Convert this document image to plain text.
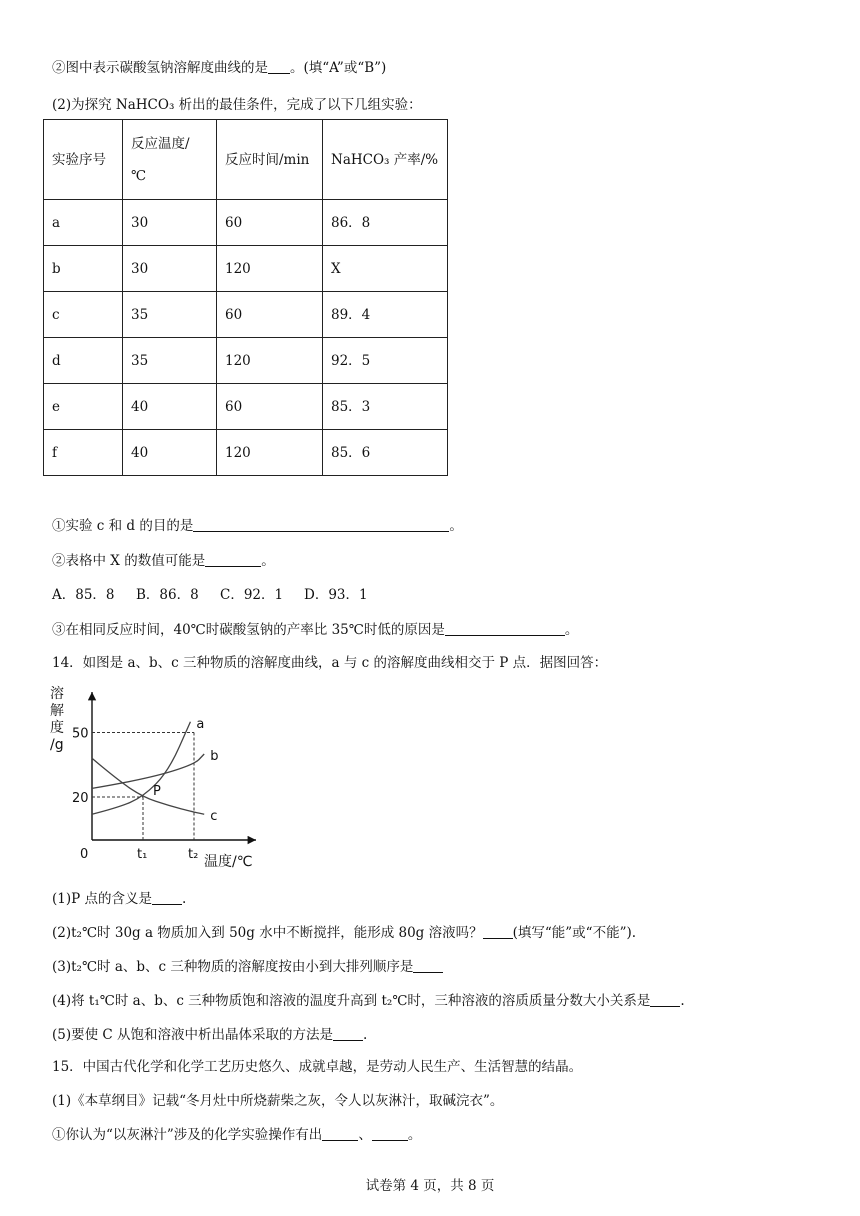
②图中表示碳酸氢钠溶解度曲线的是 。(填“A”或“B”)
(2)为探究 NaHCO₃ 析出的最佳条件，完成了以下几组实验：
实验序号	反应温度/℃	反应时间/min	NaHCO₃ 产率/%
a	30	60	86．8
b	30	120	X
c	35	60	89．4
d	35	120	92．5
e	40	60	85．3
f	40	120	85．6
①实验 c 和 d 的目的是	。
②表格中 X 的数值可能是	。
A．85．8 B．86．8 C．92．1 D．93．1
③在相同反应时间，40℃时碳酸氢钠的产率比 35℃时低的原因是	。
14．如图是 a、b、c 三种物质的溶解度曲线，a 与 c 的溶解度曲线相交于 P 点．据图回答：
溶
解
度
/g
a
b
c
20
50
0	t₁	t₂
P
温度/℃
(1)P 点的含义是 .
(2)t₂℃时 30g a 物质加入到 50g 水中不断搅拌，能形成 80g 溶液吗？ (填写“能”或“不能”).
(3)t₂℃时 a、b、c 三种物质的溶解度按由小到大排列顺序是
(4)将 t₁℃时 a、b、c 三种物质饱和溶液的温度升高到 t₂℃时，三种溶液的溶质质量分数大小关系是 .
(5)要使 C 从饱和溶液中析出晶体采取的方法是 .
15．中国古代化学和化学工艺历史悠久、成就卓越，是劳动人民生产、生活智慧的结晶。
(1)《本草纲目》记载“冬月灶中所烧薪柴之灰，令人以灰淋汁，取碱浣衣”。
①你认为“以灰淋汁”涉及的化学实验操作有出	、	。
试卷第 4 页，共 8 页
